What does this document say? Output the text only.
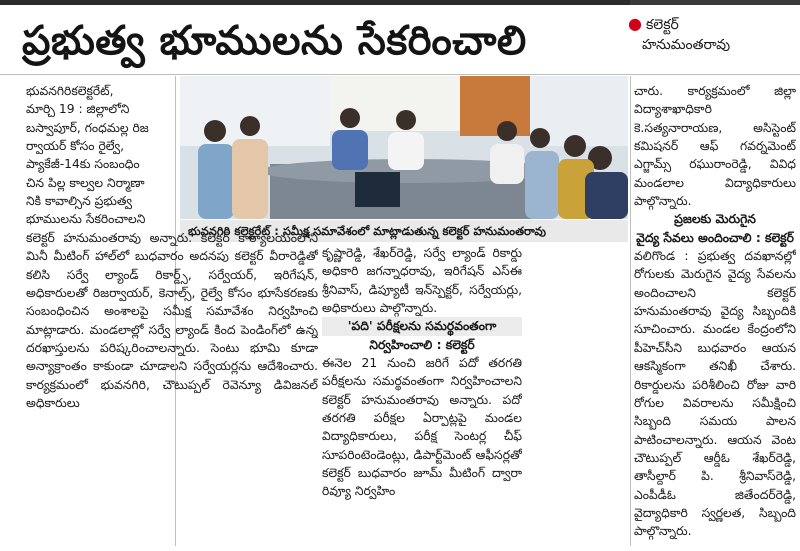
ప్రభుత్వ భూములను సేకరించాలి	● కలెక్టర్
హనుమంతరావు
భువనగిరి కలెక్టరేట్ : సమీక్ష సమావేశంలో మాట్లాడుతున్న కలెక్టర్ హనుమంతరావు

భువనగిరికలెక్టరేట్,

మార్చి 19 : జిల్లాలోని

బస్వాపూర్, గంధమల్ల రిజ

ర్వాయర్ కోసం రైల్వే,

ప్యాకేజీ-14కు సంబంధిం

చిన పిల్ల కాల్వల నిర్మాణా

నికి కావాల్సిన ప్రభుత్వ

భూములను సేకరించాలని

కలెక్టర్ హనుమంతరావు అన్నారు. కలెక్టర్ కార్యాలయంలోని మినీ మీటింగ్ హాల్‌లో బుధవారం అదనపు కలెక్టర్ వీరారెడ్డితో కలిసి సర్వే ల్యాండ్ రికార్డ్స్, సర్వేయర్, ఇరిగేషన్, అధికారులతో రిజర్వాయర్, కెనాల్స్, రైల్వే కోసం భూసేకరణకు సంబంధించిన అంశాలపై సమీక్ష సమావేశం నిర్వహించి మాట్లాడారు. మండలాల్లో సర్వే ల్యాండ్ కింద పెండింగ్‌లో ఉన్న దరఖాస్తులను పరిష్కరించాలన్నారు. సెంటు భూమి కూడా అన్యాక్రాంతం కాకుండా చూడాలని సర్వేయర్లను ఆదేశించారు. కార్యక్రమంలో భువనగిరి, చౌటుప్పల్ రెవెన్యూ డివిజనల్ అధికారులు

కృష్ణారెడ్డి, శేఖర్‌రెడ్డి, సర్వే ల్యాండ్ రికార్డు అధికారి జగన్నాధరావు, ఇరిగేషన్ ఎస్ఈ శ్రీనివాస్, డిప్యూటీ ఇన్‌స్పెక్టర్, సర్వేయర్లు, అధికారులు పాల్గొన్నారు.

'పది' పరీక్షలను సమర్థవంతంగా

నిర్వహించాలి : కలెక్టర్

ఈనెల 21 నుంచి జరిగే పదో తరగతి పరీక్షలను సమర్థవంతంగా నిర్వహించాలని కలెక్టర్ హనుమంతరావు అన్నారు. పదో తరగతి పరీక్షల ఏర్పాట్లపై మండల విద్యాధికారులు, పరీక్ష సెంటర్ల చీఫ్ సూపరింటెండెంట్లు, డిపార్ట్‌మెంట్ ఆఫీసర్లతో కలెక్టర్ బుధవారం జూమ్ మీటింగ్ ద్వారా రివ్యూ నిర్వహిం

చారు. కార్యక్రమంలో జిల్లా విద్యాశాఖాధికారి కె.సత్యనారాయణ, అసిస్టెంట్ కమిషనర్ ఆఫ్ గవర్నమెంట్ ఎగ్జామ్స్ రఘురాంరెడ్డి, వివిధ మండలాల విద్యాధికారులు పాల్గొన్నారు.

ప్రజలకు మెరుగైన

వైద్య సేవలు అందించాలి : కలెక్టర్

వలిగొండ : ప్రభుత్వ దవఖానల్లో రోగులకు మెరుగైన వైద్య సేవలను అందించాలని కలెక్టర్ హనుమంతరావు వైద్య సిబ్బందికి సూచించారు. మండల కేంద్రంలోని పీహెచ్‌సీని బుధవారం ఆయన ఆకస్మికంగా తనిఖీ చేశారు. రికార్డులను పరిశీలించి రోజు వారి రోగుల వివరాలను సమీక్షించి సిబ్బంది సమయ పాలన పాటించాలన్నారు. ఆయన వెంట చౌటుప్పల్ ఆర్డీఓ శేఖర్‌రెడ్డి, తాసీల్దార్ పి. శ్రీనివాస్‌రెడ్డి, ఎంపీడీఓ జితేందర్‌రెడ్డి, వైద్యాధికారి స్వర్ణలత, సిబ్బంది పాల్గొన్నారు.
